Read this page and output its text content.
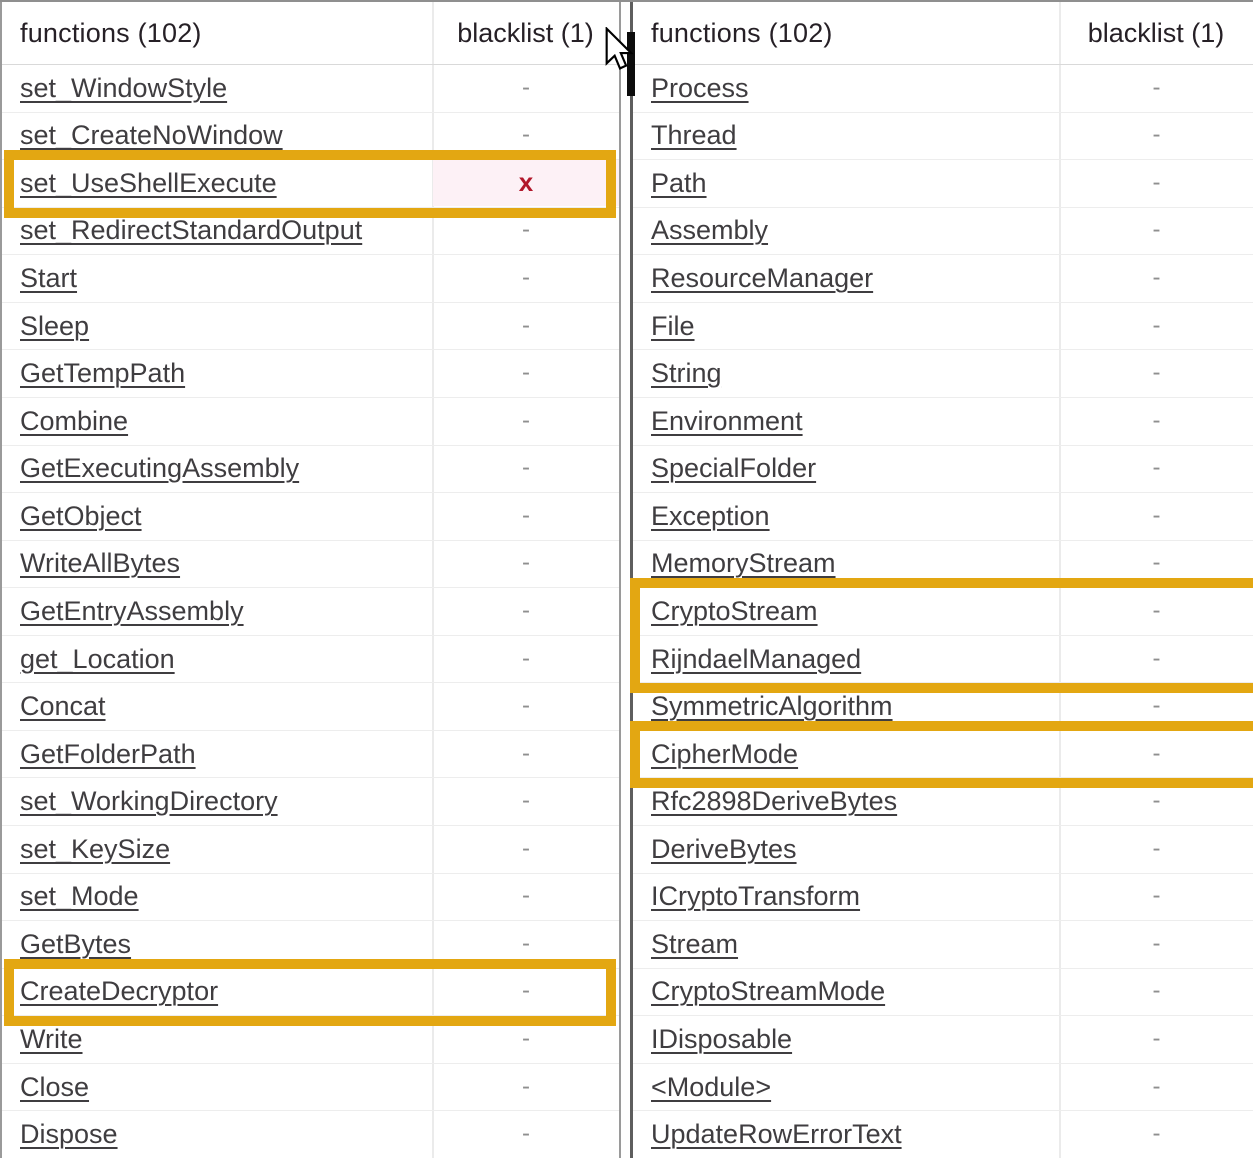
functions (102)	blacklist (1)
set_WindowStyle	-
set_CreateNoWindow	-
set_UseShellExecute	x
set_RedirectStandardOutput	-
Start	-
Sleep	-
GetTempPath	-
Combine	-
GetExecutingAssembly	-
GetObject	-
WriteAllBytes	-
GetEntryAssembly	-
get_Location	-
Concat	-
GetFolderPath	-
set_WorkingDirectory	-
set_KeySize	-
set_Mode	-
GetBytes	-
CreateDecryptor	-
Write	-
Close	-
Dispose	-
functions (102)	blacklist (1)
Process	-
Thread	-
Path	-
Assembly	-
ResourceManager	-
File	-
String	-
Environment	-
SpecialFolder	-
Exception	-
MemoryStream	-
CryptoStream	-
RijndaelManaged	-
SymmetricAlgorithm	-
CipherMode	-
Rfc2898DeriveBytes	-
DeriveBytes	-
ICryptoTransform	-
Stream	-
CryptoStreamMode	-
IDisposable	-
<Module>	-
UpdateRowErrorText	-
